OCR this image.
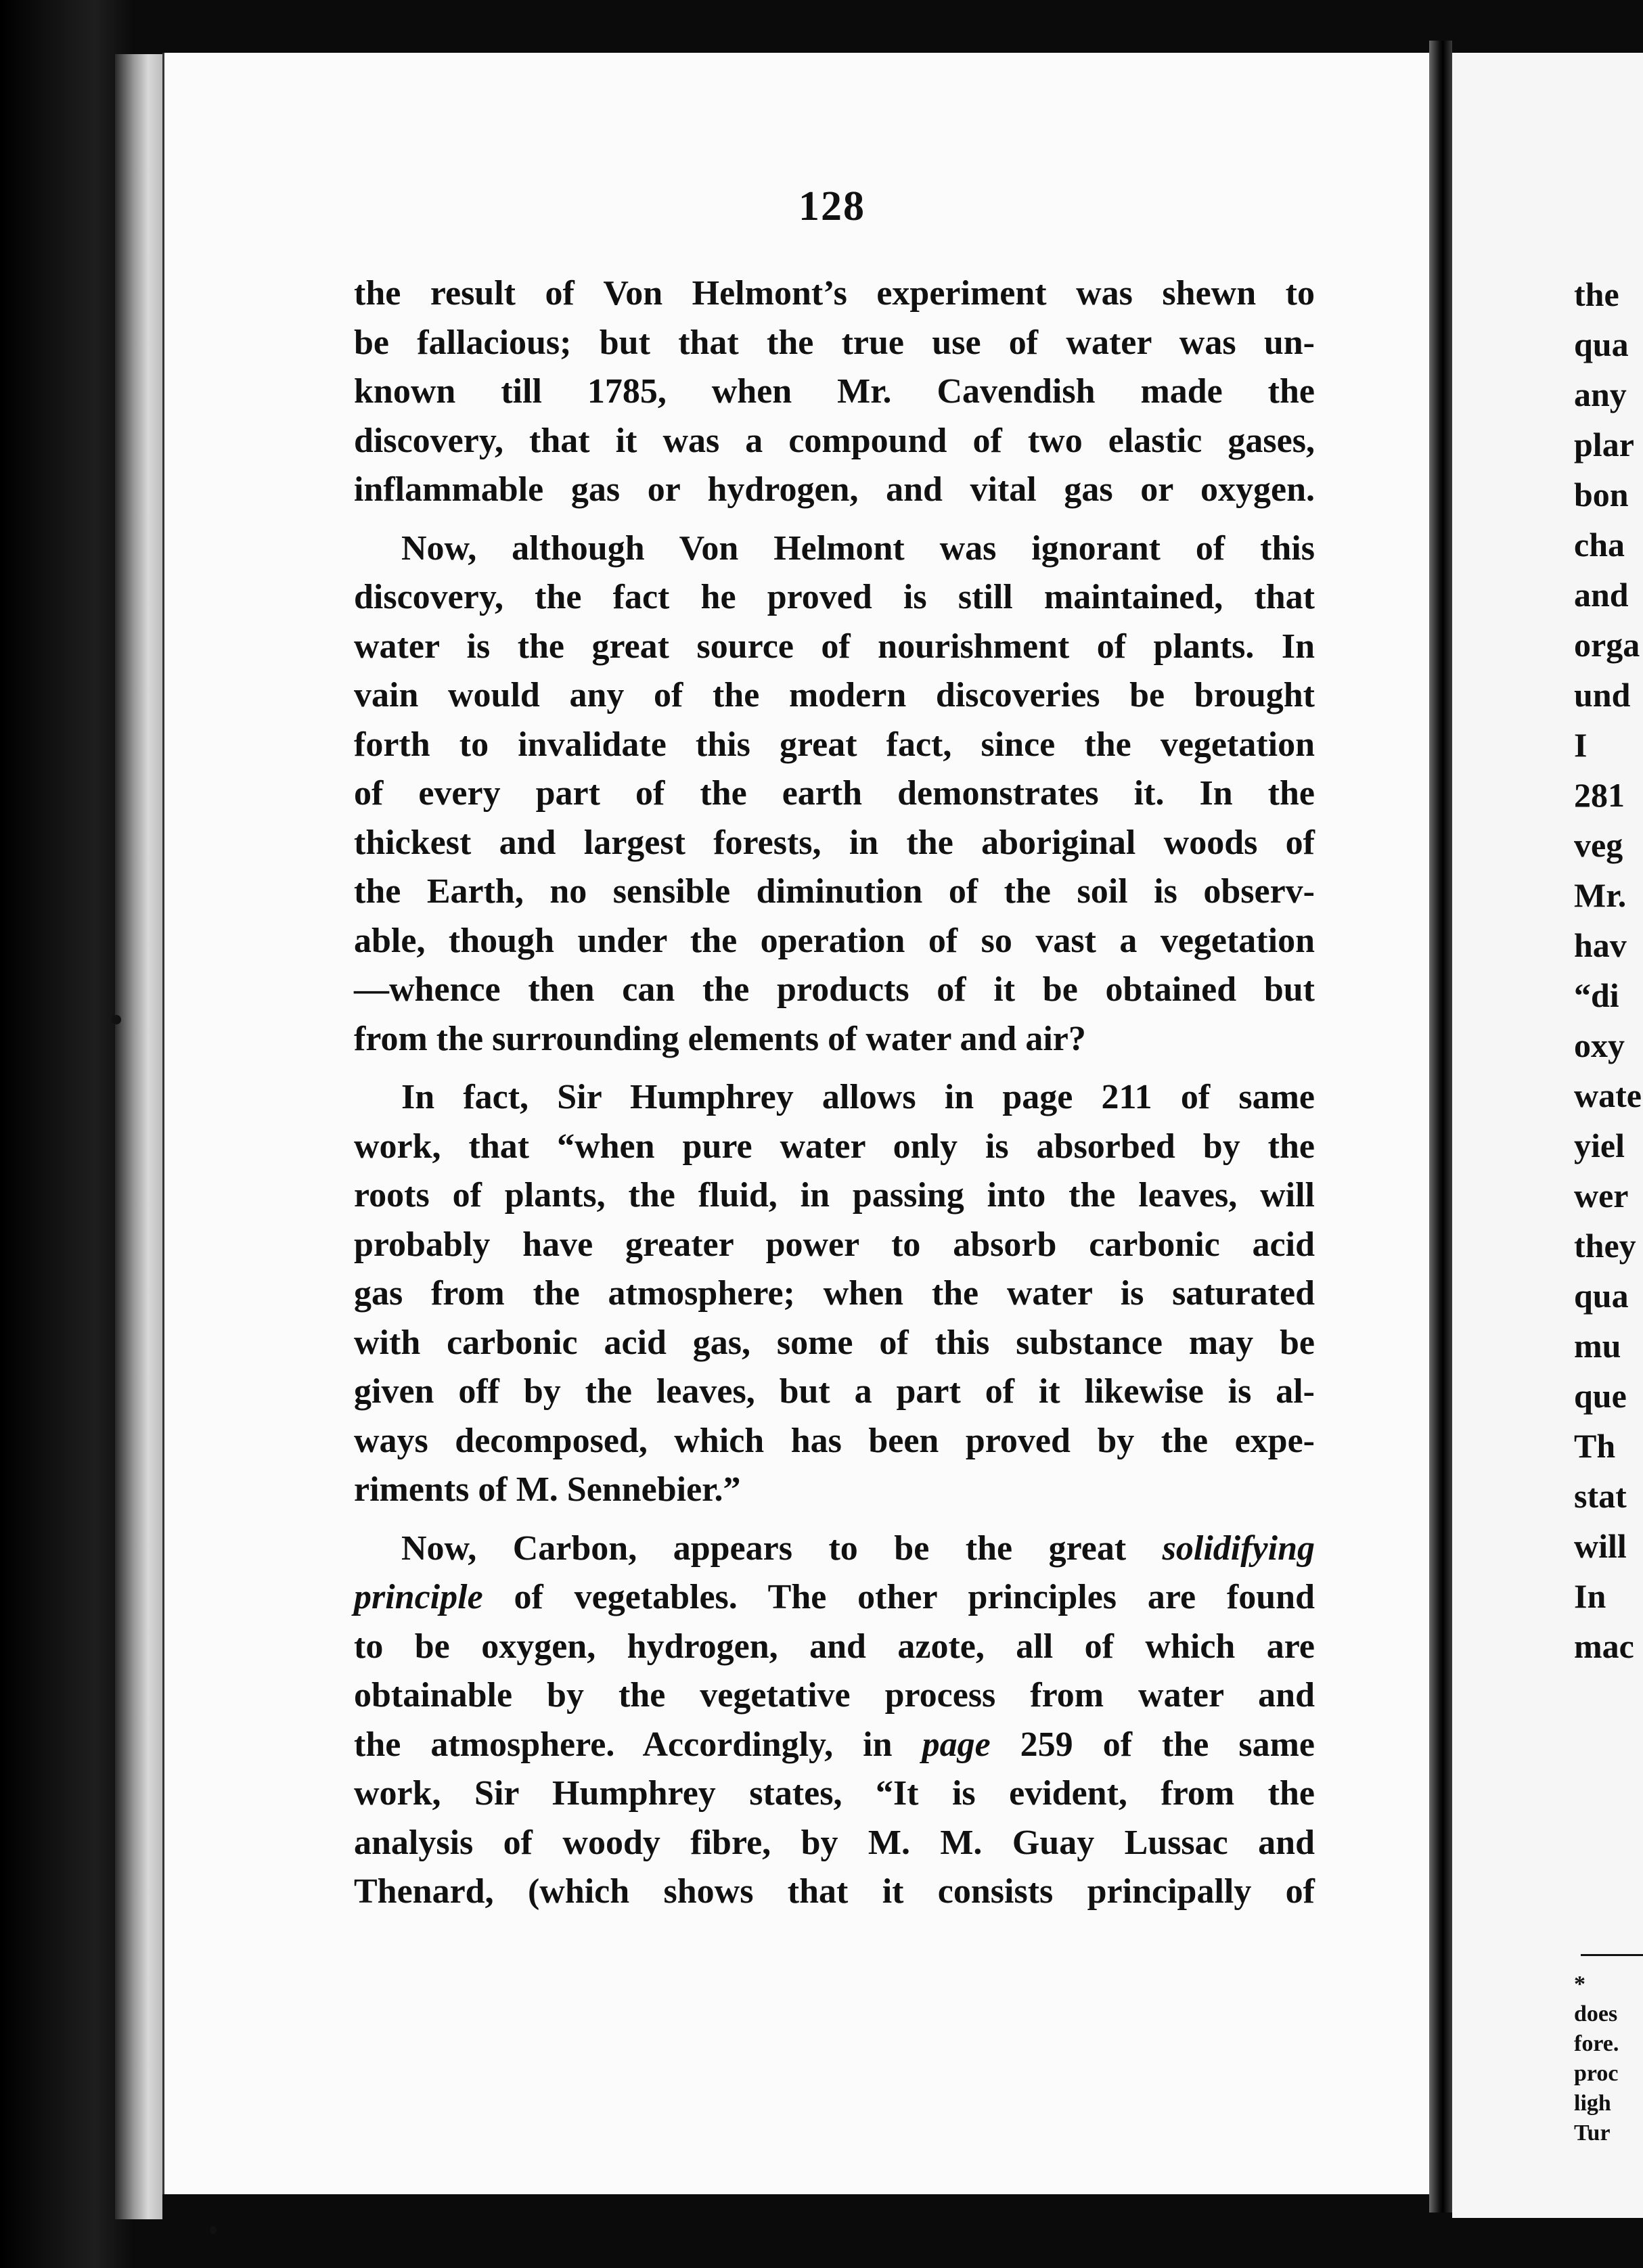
the
qua
any
plar
bon
cha
and
orga
und
I
281
veg
Mr.
hav
“di
oxy
wate
yiel
wer
they
qua
mu
que
Th
stat
will
In
mac
*
does
fore.
proc
ligh
Tur
128
the result of Von Helmont’s experiment was shewn to
be fallacious; but that the true use of water was un-
known till 1785, when Mr. Cavendish made the
discovery, that it was a compound of two elastic gases,
inflammable gas or hydrogen, and vital gas or oxygen.
Now, although Von Helmont was ignorant of this
discovery, the fact he proved is still maintained, that
water is the great source of nourishment of plants. In
vain would any of the modern discoveries be brought
forth to invalidate this great fact, since the vegetation
of every part of the earth demonstrates it. In the
thickest and largest forests, in the aboriginal woods of
the Earth, no sensible diminution of the soil is observ-
able, though under the operation of so vast a vegetation
—whence then can the products of it be obtained but
from the surrounding elements of water and air?
In fact, Sir Humphrey allows in page 211 of same
work, that “when pure water only is absorbed by the
roots of plants, the fluid, in passing into the leaves, will
probably have greater power to absorb carbonic acid
gas from the atmosphere; when the water is saturated
with carbonic acid gas, some of this substance may be
given off by the leaves, but a part of it likewise is al-
ways decomposed, which has been proved by the expe-
riments of M. Sennebier.”
Now, Carbon, appears to be the great solidifying
principle of vegetables. The other principles are found
to be oxygen, hydrogen, and azote, all of which are
obtainable by the vegetative process from water and
the atmosphere. Accordingly, in page 259 of the same
work, Sir Humphrey states, “It is evident, from the
analysis of woody fibre, by M. M. Guay Lussac and
Thenard, (which shows that it consists principally of
